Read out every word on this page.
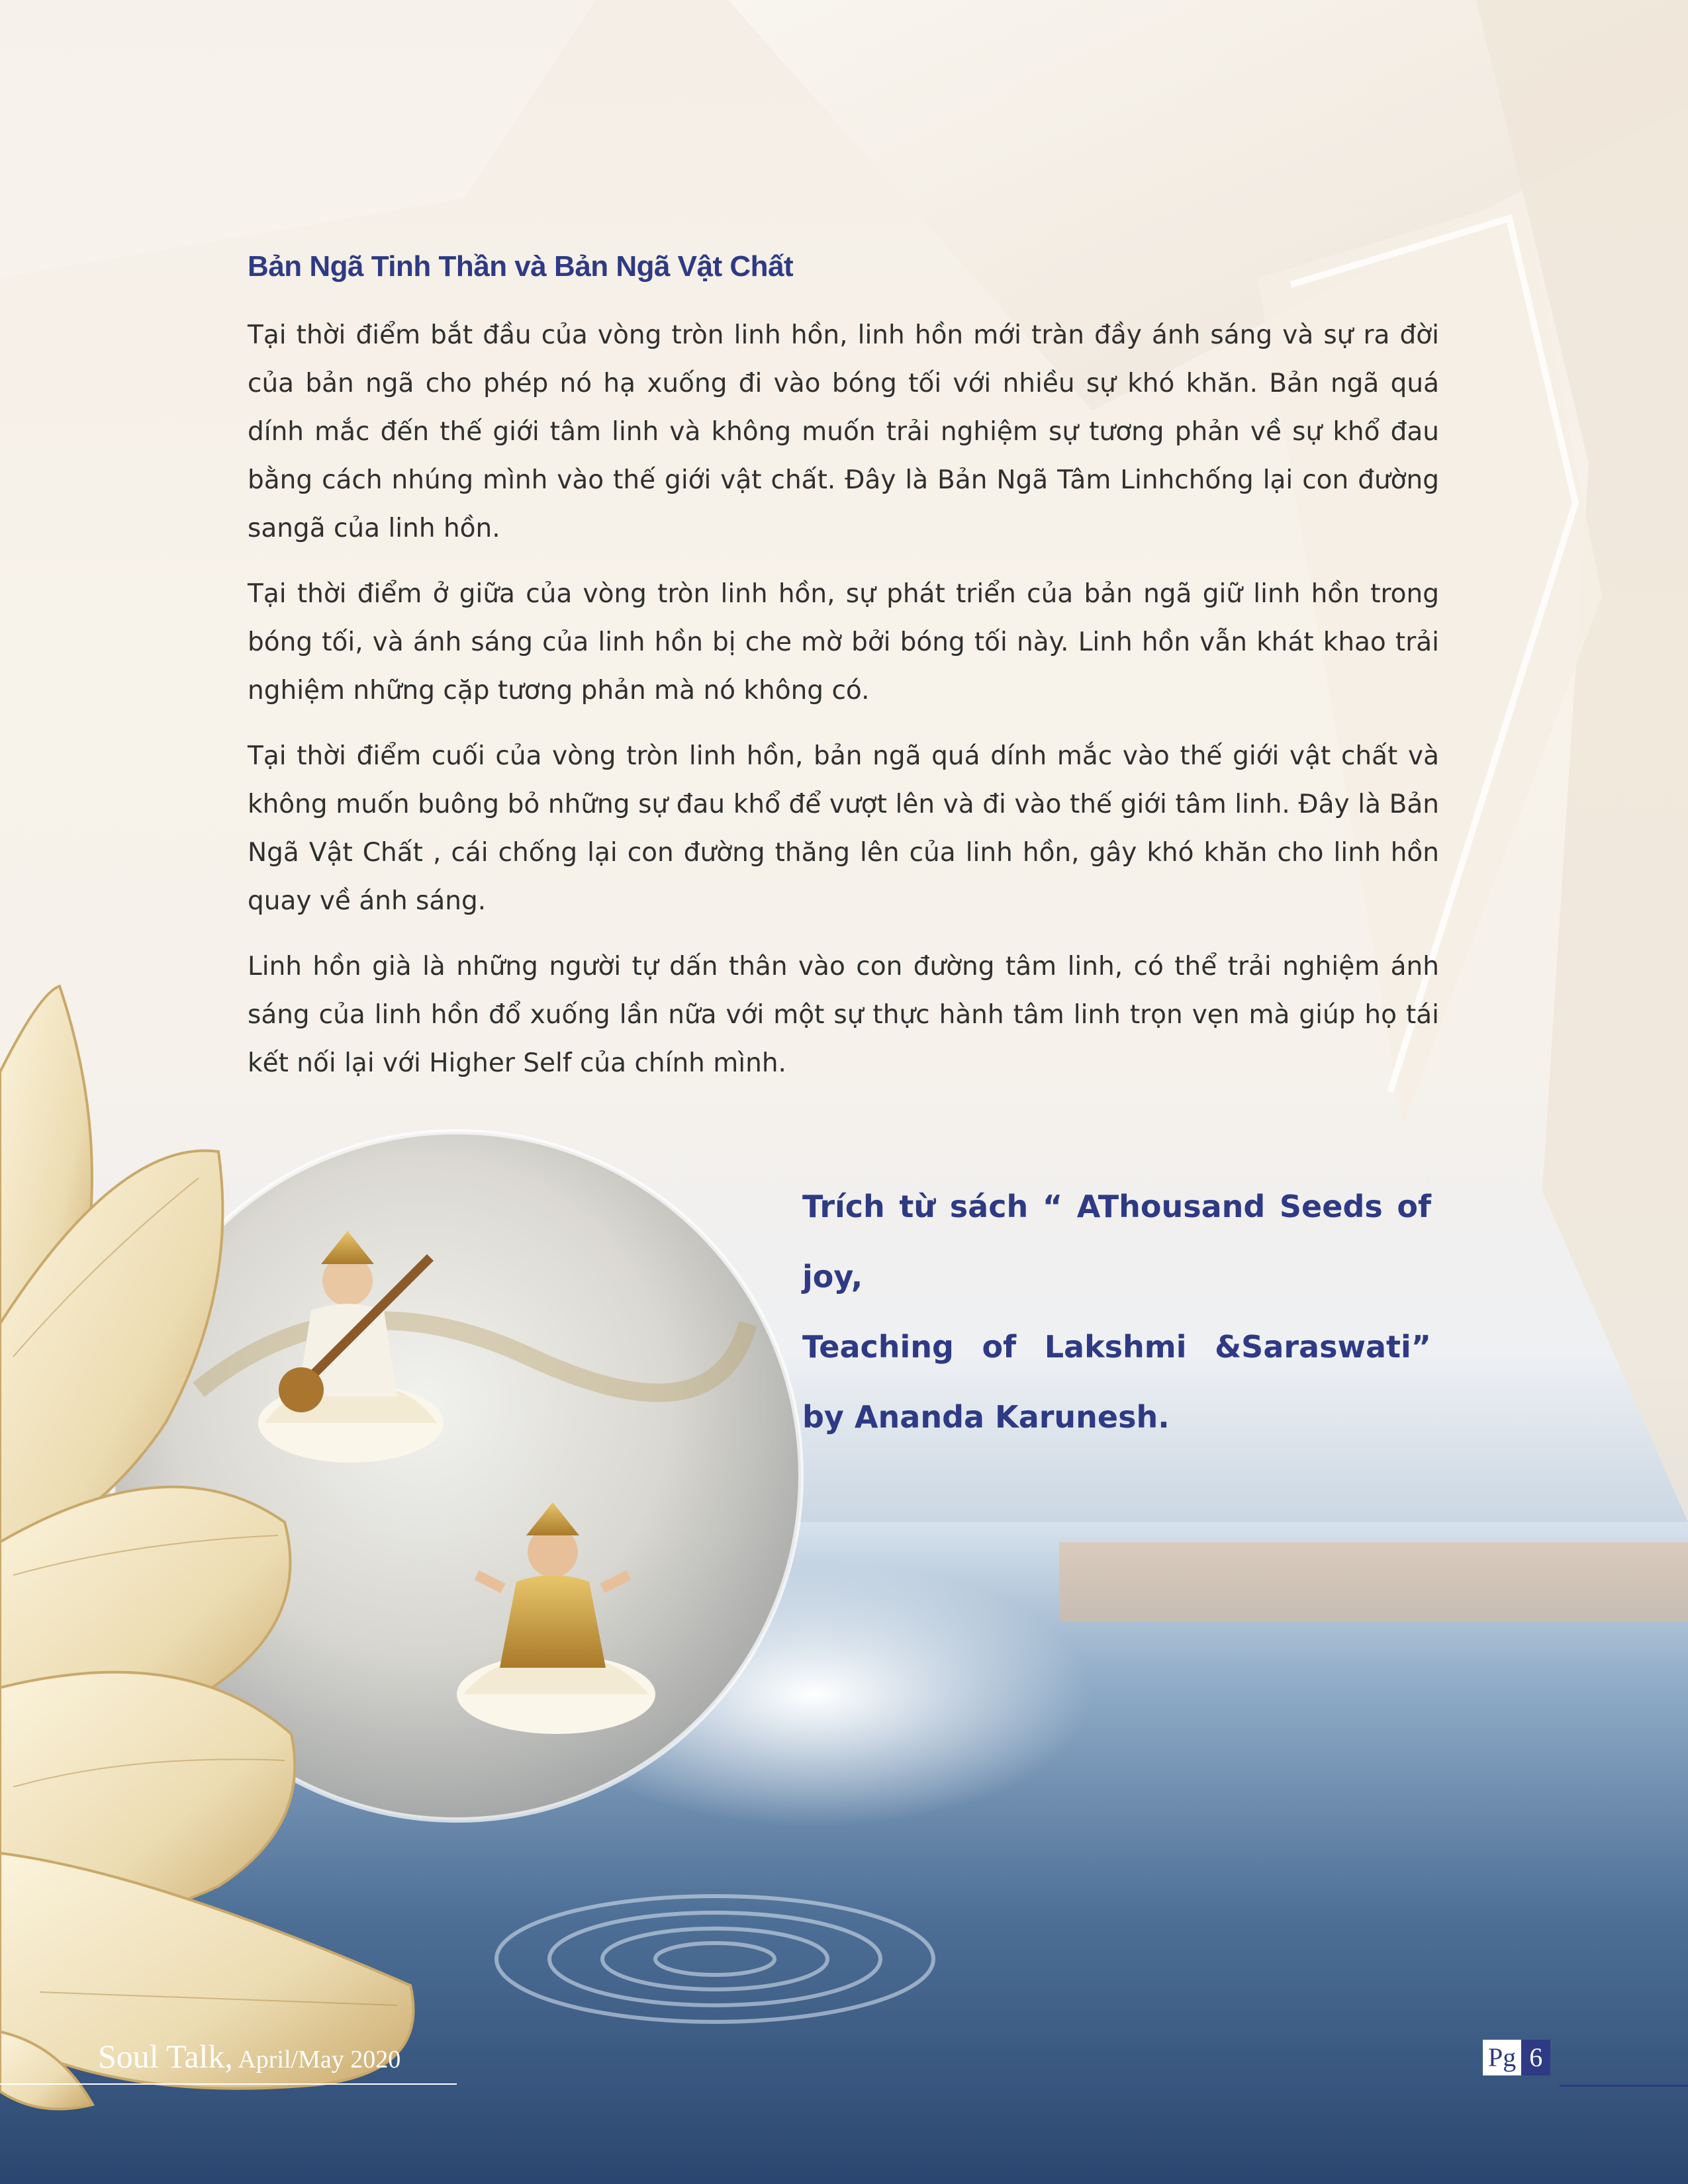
Bản Ngã Tinh Thần và Bản Ngã Vật Chất

Tại thời điểm bắt đầu của vòng tròn linh hồn, linh hồn mới tràn đầy ánh sáng và sự ra đời của bản ngã cho phép nó hạ xuống đi vào bóng tối với nhiều sự khó khăn. Bản ngã quá dính mắc đến thế giới tâm linh và không muốn trải nghiệm sự tương phản về sự khổ đau bằng cách nhúng mình vào thế giới vật chất. Đây là Bản Ngã Tâm Linhchống lại con đường sangã của linh hồn.

Tại thời điểm ở giữa của vòng tròn linh hồn, sự phát triển của bản ngã giữ linh hồn trong bóng tối, và ánh sáng của linh hồn bị che mờ bởi bóng tối này. Linh hồn vẫn khát khao trải nghiệm những cặp tương phản mà nó không có.

Tại thời điểm cuối của vòng tròn linh hồn, bản ngã quá dính mắc vào thế giới vật chất và không muốn buông bỏ những sự đau khổ để vượt lên và đi vào thế giới tâm linh. Đây là Bản Ngã Vật Chất , cái chống lại con đường thăng lên của linh hồn, gây khó khăn cho linh hồn quay về ánh sáng.

Linh hồn già là những người tự dấn thân vào con đường tâm linh, có thể trải nghiệm ánh sáng của linh hồn đổ xuống lần nữa với một sự thực hành tâm linh trọn vẹn mà giúp họ tái kết nối lại với Higher Self của chính mình.

Trích từ sách “ AThousand Seeds of joy,
Teaching of Lakshmi &Saraswati”
by Ananda Karunesh.
Soul Talk, April/May 2020	Pg 6
